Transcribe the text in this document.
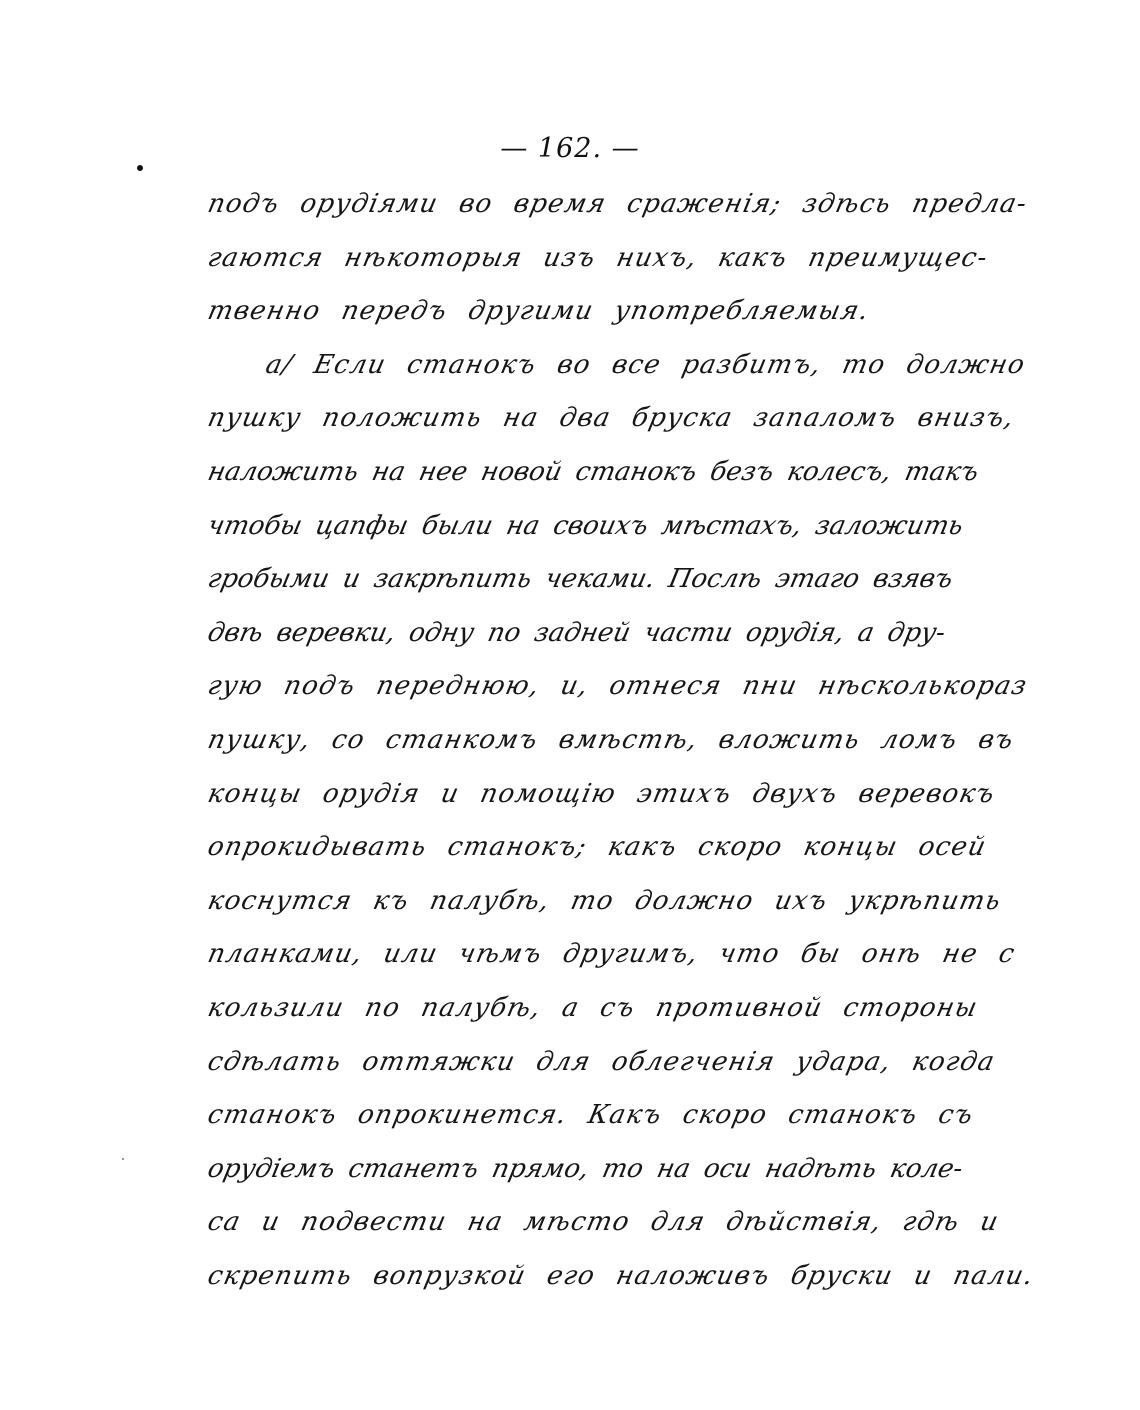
— 162. —
подъ орудіями во время сраженія; здѣсь предла-
гаются нѣкоторыя изъ нихъ, какъ преимущес-
твенно передъ другими употребляемыя.
а/ Если станокъ во все разбитъ, то должно
пушку положить на два бруска запаломъ внизъ,
наложить на нее новой станокъ безъ колесъ, такъ
чтобы цапфы были на своихъ мѣстахъ, заложить
гробыми и закрѣпить чеками. Послѣ этаго взявъ
двѣ веревки, одну по задней части орудія, а дру-
гую подъ переднюю, и, отнеся пни нѣсколькораз
пушку, со станкомъ вмѣстѣ, вложить ломъ въ
концы орудія и помощію этихъ двухъ веревокъ
опрокидывать станокъ; какъ скоро концы осей
коснутся къ палубѣ, то должно ихъ укрѣпить
планками, или чѣмъ другимъ, что бы онѣ не с
кользили по палубѣ, а съ противной стороны
сдѣлать оттяжки для облегченія удара, когда
станокъ опрокинется. Какъ скоро станокъ съ
орудіемъ станетъ прямо, то на оси надѣть коле-
са и подвести на мѣсто для дѣйствія, гдѣ и
скрепить вопрузкой его наложивъ бруски и пали.
